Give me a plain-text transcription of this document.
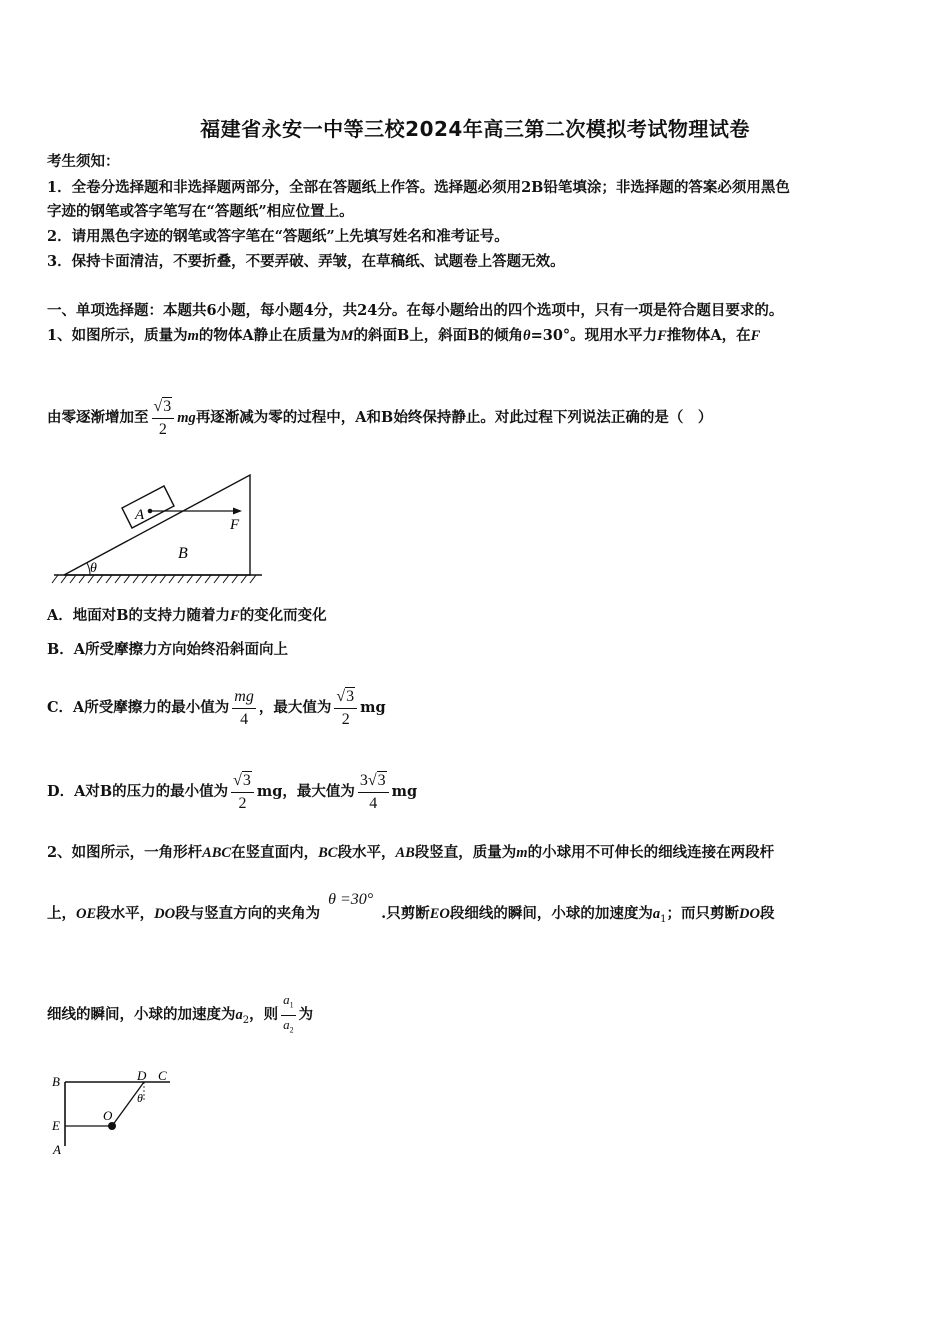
福建省永安一中等三校2024年高三第二次模拟考试物理试卷
考生须知：
1．全卷分选择题和非选择题两部分，全部在答题纸上作答。选择题必须用2B铅笔填涂；非选择题的答案必须用黑色
字迹的钢笔或答字笔写在“答题纸”相应位置上。
2．请用黑色字迹的钢笔或答字笔在“答题纸”上先填写姓名和准考证号。
3．保持卡面清洁，不要折叠，不要弄破、弄皱，在草稿纸、试题卷上答题无效。
一、单项选择题：本题共6小题，每小题4分，共24分。在每小题给出的四个选项中，只有一项是符合题目要求的。
1、如图所示，质量为m的物体A静止在质量为M的斜面B上，斜面B的倾角θ=30°。现用水平力F推物体A，在F
由零逐渐增加至 $\frac{√3}{2}$ mg再逐渐减为零的过程中，A和B始终保持静止。对此过程下列说法正确的是（　）
θ
A
F
B
A．地面对B的支持力随着力F的变化而变化
B．A所受摩擦力方向始终沿斜面向上
C．A所受摩擦力的最小值为 $\frac{mg}{4}$ ，最大值为 $\frac{√3}{2}$ mg
D．A对B的压力的最小值为 $\frac{√3}{2}$ mg，最大值为 $\frac{3√3}{4}$ mg
2、如图所示，一角形杆ABC在竖直面内，BC段水平，AB段竖直，质量为m的小球用不可伸长的细线连接在两段杆
上，OE段水平，DO段与竖直方向的夹角为θ =30°.只剪断EO段细线的瞬间，小球的加速度为$a_1$；而只剪断DO段
细线的瞬间，小球的加速度为$a_2$，则 $\frac{a_1}{a_2}$ 为
B	D C
θ
O
E
A
